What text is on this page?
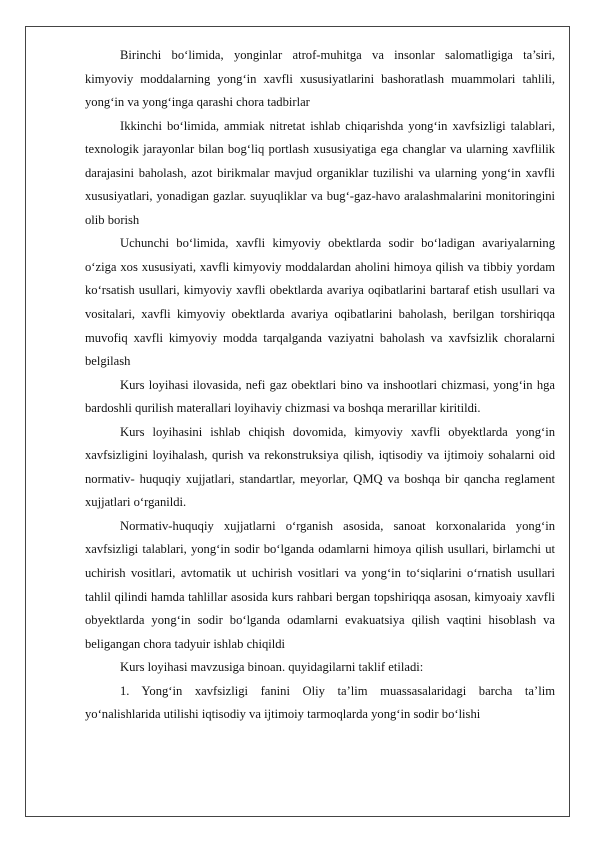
Birinchi bo‘limida, yonginlar atrof-muhitga va insonlar salomatligiga ta’siri, kimyoviy moddalarning yong‘in xavfli xususiyatlarini bashoratlash muammolari tahlili, yong‘in va yong‘inga qarashi chora tadbirlar

Ikkinchi bo‘limida, ammiak nitretat ishlab chiqarishda yong‘in xavfsizligi talablari, texnologik jarayonlar bilan bog‘liq portlash xususiyatiga ega changlar va ularning xavflilik darajasini baholash, azot birikmalar mavjud organiklar tuzilishi va ularning yong‘in xavfli xususiyatlari, yonadigan gazlar. suyuqliklar va bug‘-gaz-havo aralashmalarini monitoringini olib borish

Uchunchi bo‘limida, xavfli kimyoviy obektlarda sodir bo‘ladigan avariyalarning o‘ziga xos xususiyati, xavfli kimyoviy moddalardan aholini himoya qilish va tibbiy yordam ko‘rsatish usullari, kimyoviy xavfli obektlarda avariya oqibatlarini bartaraf etish usullari va vositalari, xavfli kimyoviy obektlarda avariya oqibatlarini baholash, berilgan torshiriqqa muvofiq xavfli kimyoviy modda tarqalganda vaziyatni baholash va xavfsizlik choralarni belgilash

Kurs loyihasi ilovasida, nefi gaz obektlari bino va inshootlari chizmasi, yong‘in hga bardoshli qurilish materallari loyihaviy chizmasi va boshqa merarillar kiritildi.

Kurs loyihasini ishlab chiqish dovomida, kimyoviy xavfli obyektlarda yong‘in xavfsizligini loyihalash, qurish va rekonstruksiya qilish, iqtisodiy va ijtimoiy sohalarni oid normativ- huquqiy xujjatlari, standartlar, meyorlar, QMQ va boshqa bir qancha reglament xujjatlari o‘rganildi.

Normativ-huquqiy xujjatlarni o‘rganish asosida, sanoat korxonalarida yong‘in xavfsizligi talablari, yong‘in sodir bo‘lganda odamlarni himoya qilish usullari, birlamchi ut uchirish vositlari, avtomatik ut uchirish vositlari va yong‘in to‘siqlarini o‘rnatish usullari tahlil qilindi hamda tahlillar asosida kurs rahbari bergan topshiriqqa asosan, kimyoaiy xavfli obyektlarda yong‘in sodir bo‘lganda odamlarni evakuatsiya qilish vaqtini hisoblash va beligangan chora tadyuir ishlab chiqildi

Kurs loyihasi mavzusiga binoan. quyidagilarni taklif etiladi:

1. Yong‘in xavfsizligi fanini Oliy ta’lim muassasalaridagi barcha ta’lim yo‘nalishlarida utilishi iqtisodiy va ijtimoiy tarmoqlarda yong‘in sodir bo‘lishi
